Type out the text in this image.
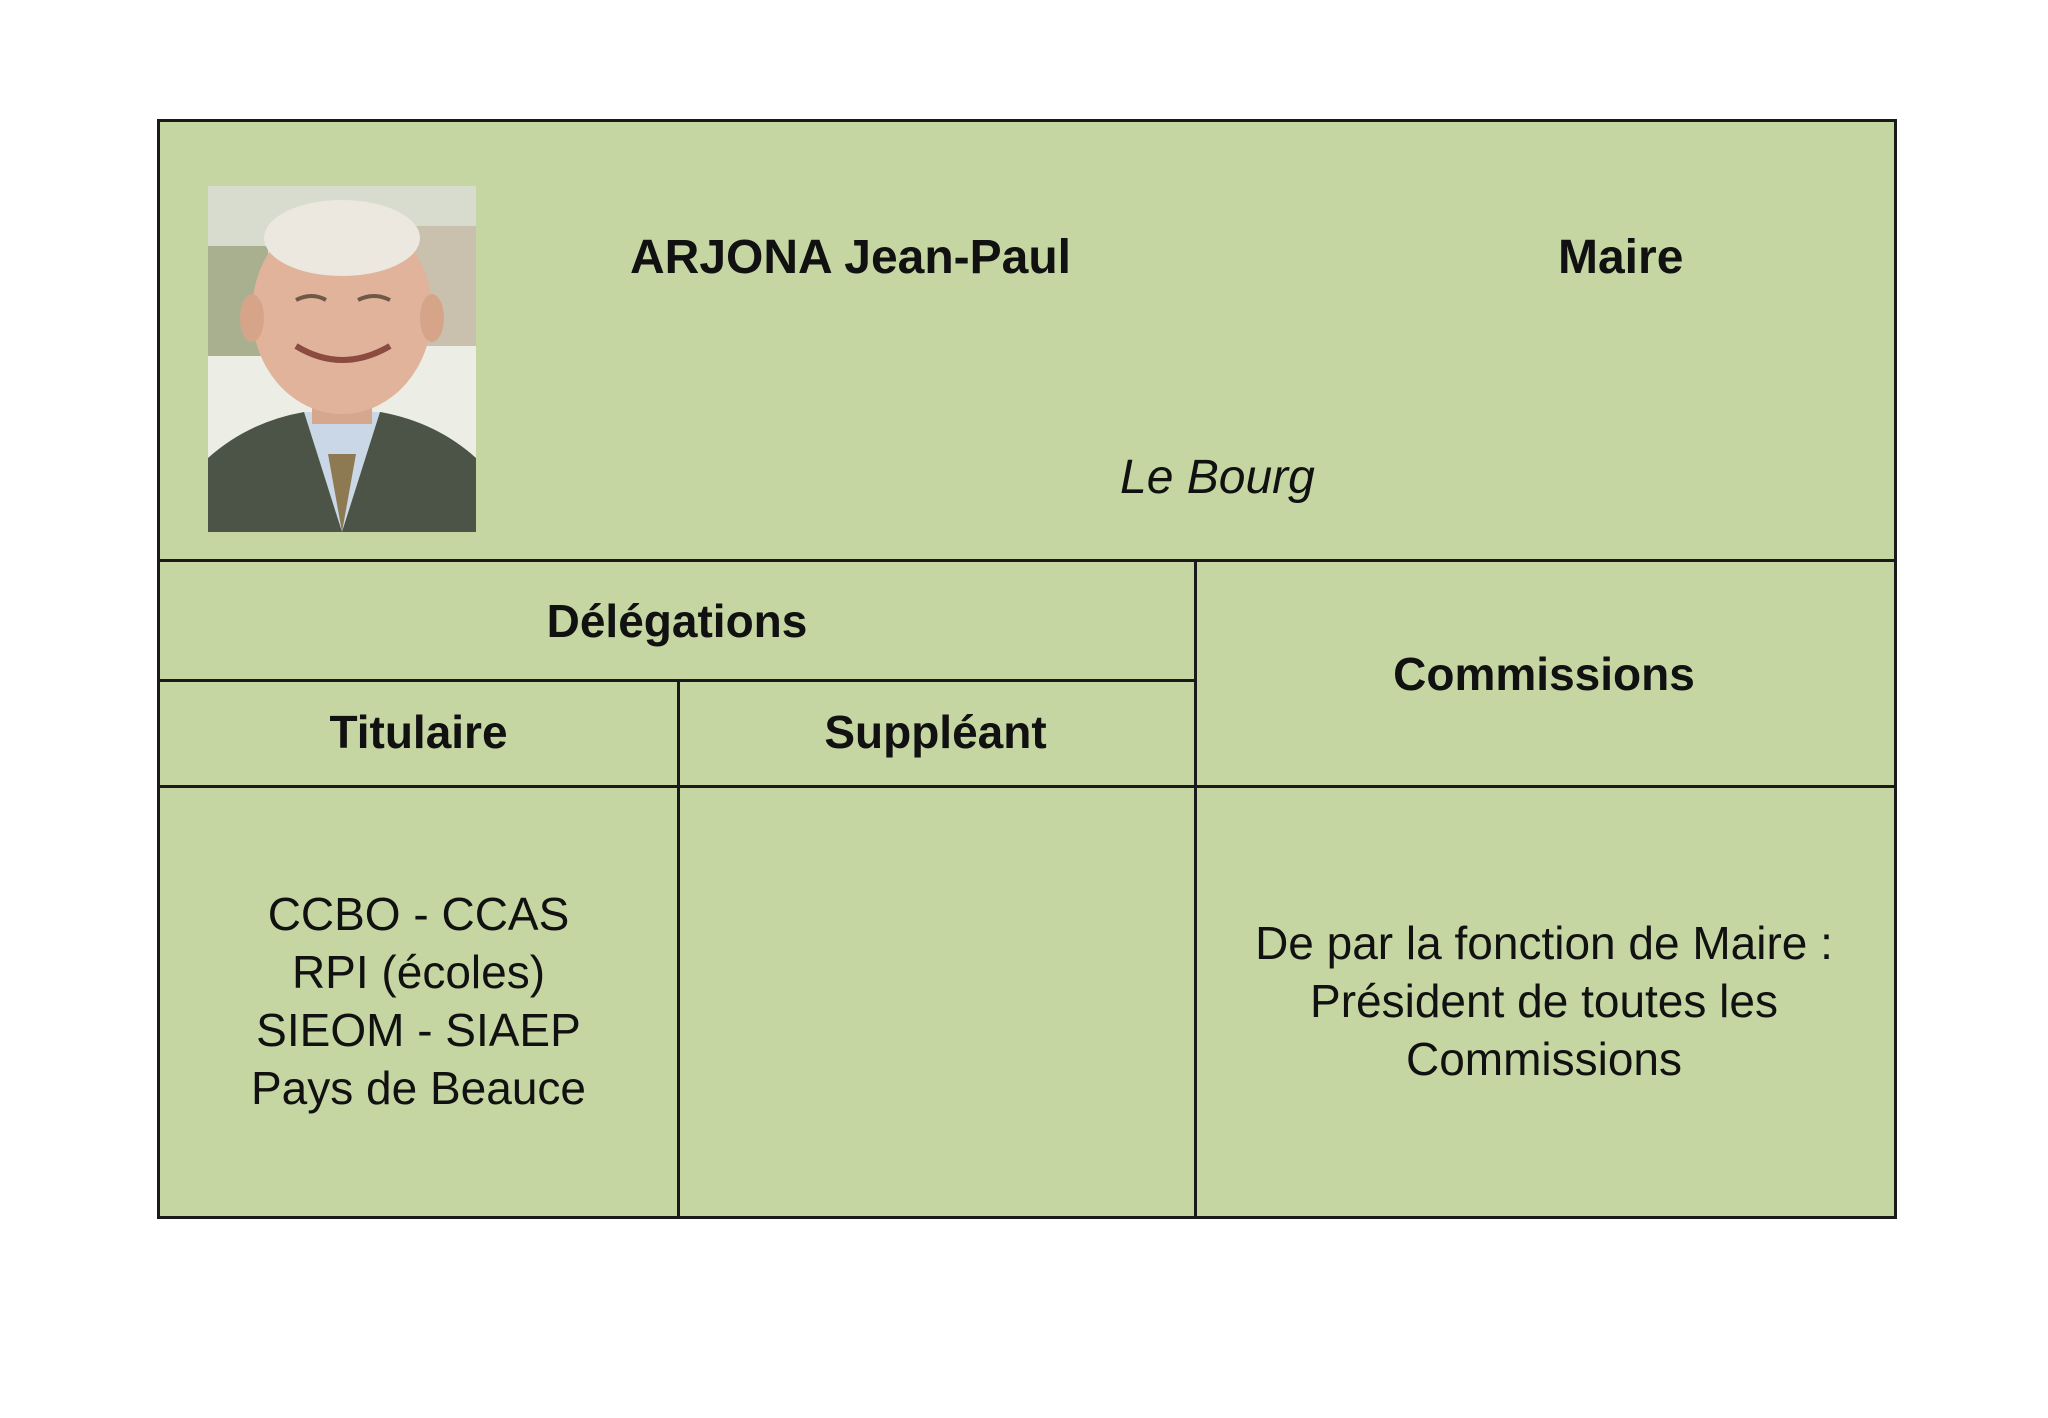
ARJONA Jean-Paul	Maire
Le Bourg
Délégations
Titulaire	Suppléant
Commissions
CCBO - CCAS
RPI (écoles)
SIEOM - SIAEP
Pays de Beauce
De par la fonction de Maire :
Président de toutes les
Commissions
